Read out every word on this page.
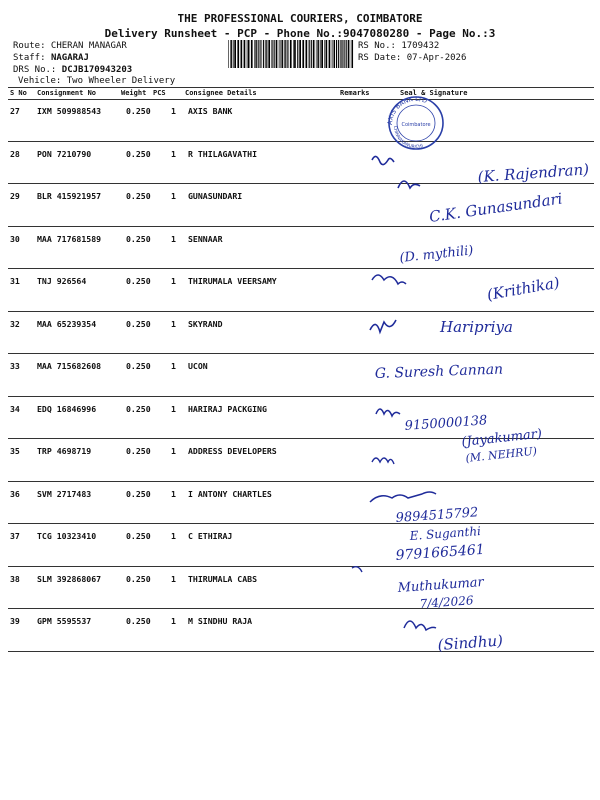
THE PROFESSIONAL COURIERS, COIMBATORE
Delivery Runsheet - PCP - Phone No.:9047080280 - Page No.:3
Route: CHERAN MANAGAR
Staff: NAGARAJ
DRS No.: DCJB170943203
Vehicle: Two Wheeler Delivery
RS No.: 1709432
RS Date: 07-Apr-2026
S No Consignment No	Weight PCS	Consignee Details	Remarks	Seal & Signature
27 IXM 509988543	0.250 1 AXIS BANK
28 PON 7210790	0.250 1 R THILAGAVATHI
29 BLR 415921957	0.250 1 GUNASUNDARI
30 MAA 717681589	0.250 1 SENNAAR
31 TNJ 926564	0.250 1 THIRUMALA VEERSAMY
32 MAA 65239354	0.250 1 SKYRAND
33 MAA 715682608	0.250 1 UCON
34 EDQ 16846996	0.250 1 HARIRAJ PACKGING
35 TRP 4698719	0.250 1 ADDRESS DEVELOPERS
36 SVM 2717483	0.250 1 I ANTONY CHARTLES
37 TCG 10323410	0.250 1 C ETHIRAJ
38 SLM 392868067	0.250 1 THIRUMALA CABS
39 GPM 5595537	0.250 1 M SINDHU RAJA
AXIS BANK LTD
CHINNAKANURICHI
Coimbatore
(K. Rajendran)
C.K. Gunasundari
(D. mythili)
(Krithika)
Haripriya
G. Suresh Cannan
9150000138
(Jayakumar)
(M. NEHRU)
9894515792
E. Suganthi
9791665461
Muthukumar
7/4/2026
(Sindhu)
